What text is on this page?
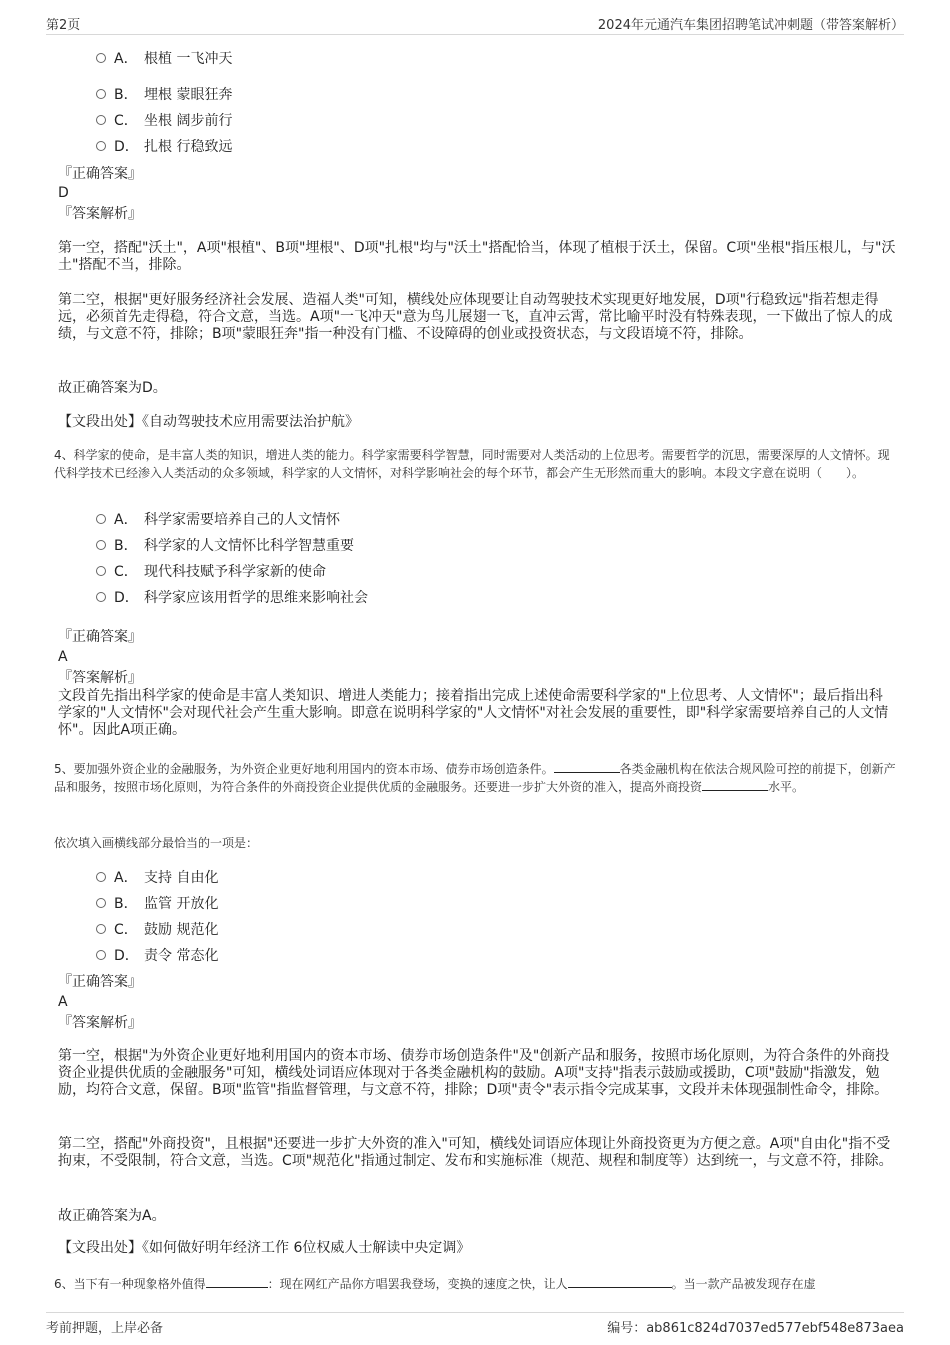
第2页	2024年元通汽车集团招聘笔试冲刺题（带答案解析）
A． 根植 一飞冲天
B． 埋根 蒙眼狂奔
C． 坐根 阔步前行
D． 扎根 行稳致远
『正确答案』
D
『答案解析』

第一空，搭配"沃土"，A项"根植"、B项"埋根"、D项"扎根"均与"沃土"搭配恰当，体现了植根于沃土，保留。C项"坐根"指压根儿，与"沃土"搭配不当，排除。

第二空，根据"更好服务经济社会发展、造福人类"可知，横线处应体现要让自动驾驶技术实现更好地发展，D项"行稳致远"指若想走得远，必须首先走得稳，符合文意，当选。A项"一飞冲天"意为鸟儿展翅一飞，直冲云霄，常比喻平时没有特殊表现，一下做出了惊人的成绩，与文意不符，排除；B项"蒙眼狂奔"指一种没有门槛、不设障碍的创业或投资状态，与文段语境不符，排除。

故正确答案为D。

【文段出处】《自动驾驶技术应用需要法治护航》

4、科学家的使命，是丰富人类的知识，增进人类的能力。科学家需要科学智慧，同时需要对人类活动的上位思考。需要哲学的沉思，需要深厚的人文情怀。现代科学技术已经渗入人类活动的众多领域，科学家的人文情怀，对科学影响社会的每个环节，都会产生无形然而重大的影响。本段文字意在说明（　　）。

A． 科学家需要培养自己的人文情怀
B． 科学家的人文情怀比科学智慧重要
C． 现代科技赋予科学家新的使命
D． 科学家应该用哲学的思维来影响社会
『正确答案』
A
『答案解析』

文段首先指出科学家的使命是丰富人类知识、增进人类能力；接着指出完成上述使命需要科学家的"上位思考、人文情怀"；最后指出科学家的"人文情怀"会对现代社会产生重大影响。即意在说明科学家的"人文情怀"对社会发展的重要性，即"科学家需要培养自己的人文情怀"。因此A项正确。

5、要加强外资企业的金融服务，为外资企业更好地利用国内的资本市场、债券市场创造条件。	各类金融机构在依法合规风险可控的前提下，创新产品和服务，按照市场化原则，为符合条件的外商投资企业提供优质的金融服务。还要进一步扩大外资的准入，提高外商投资	水平。

依次填入画横线部分最恰当的一项是：

A． 支持 自由化
B． 监管 开放化
C． 鼓励 规范化
D． 责令 常态化
『正确答案』
A
『答案解析』

第一空，根据"为外资企业更好地利用国内的资本市场、债券市场创造条件"及"创新产品和服务，按照市场化原则，为符合条件的外商投资企业提供优质的金融服务"可知，横线处词语应体现对于各类金融机构的鼓励。A项"支持"指表示鼓励或援助，C项"鼓励"指激发，勉励，均符合文意，保留。B项"监管"指监督管理，与文意不符，排除；D项"责令"表示指令完成某事，文段并未体现强制性命令，排除。

第二空，搭配"外商投资"，且根据"还要进一步扩大外资的准入"可知，横线处词语应体现让外商投资更为方便之意。A项"自由化"指不受拘束，不受限制，符合文意，当选。C项"规范化"指通过制定、发布和实施标准（规范、规程和制度等）达到统一，与文意不符，排除。

故正确答案为A。

【文段出处】《如何做好明年经济工作 6位权威人士解读中央定调》

6、当下有一种现象格外值得	：现在网红产品你方唱罢我登场，变换的速度之快，让人	。当一款产品被发现存在虚

考前押题，上岸必备	编号：ab861c824d7037ed577ebf548e873aea
